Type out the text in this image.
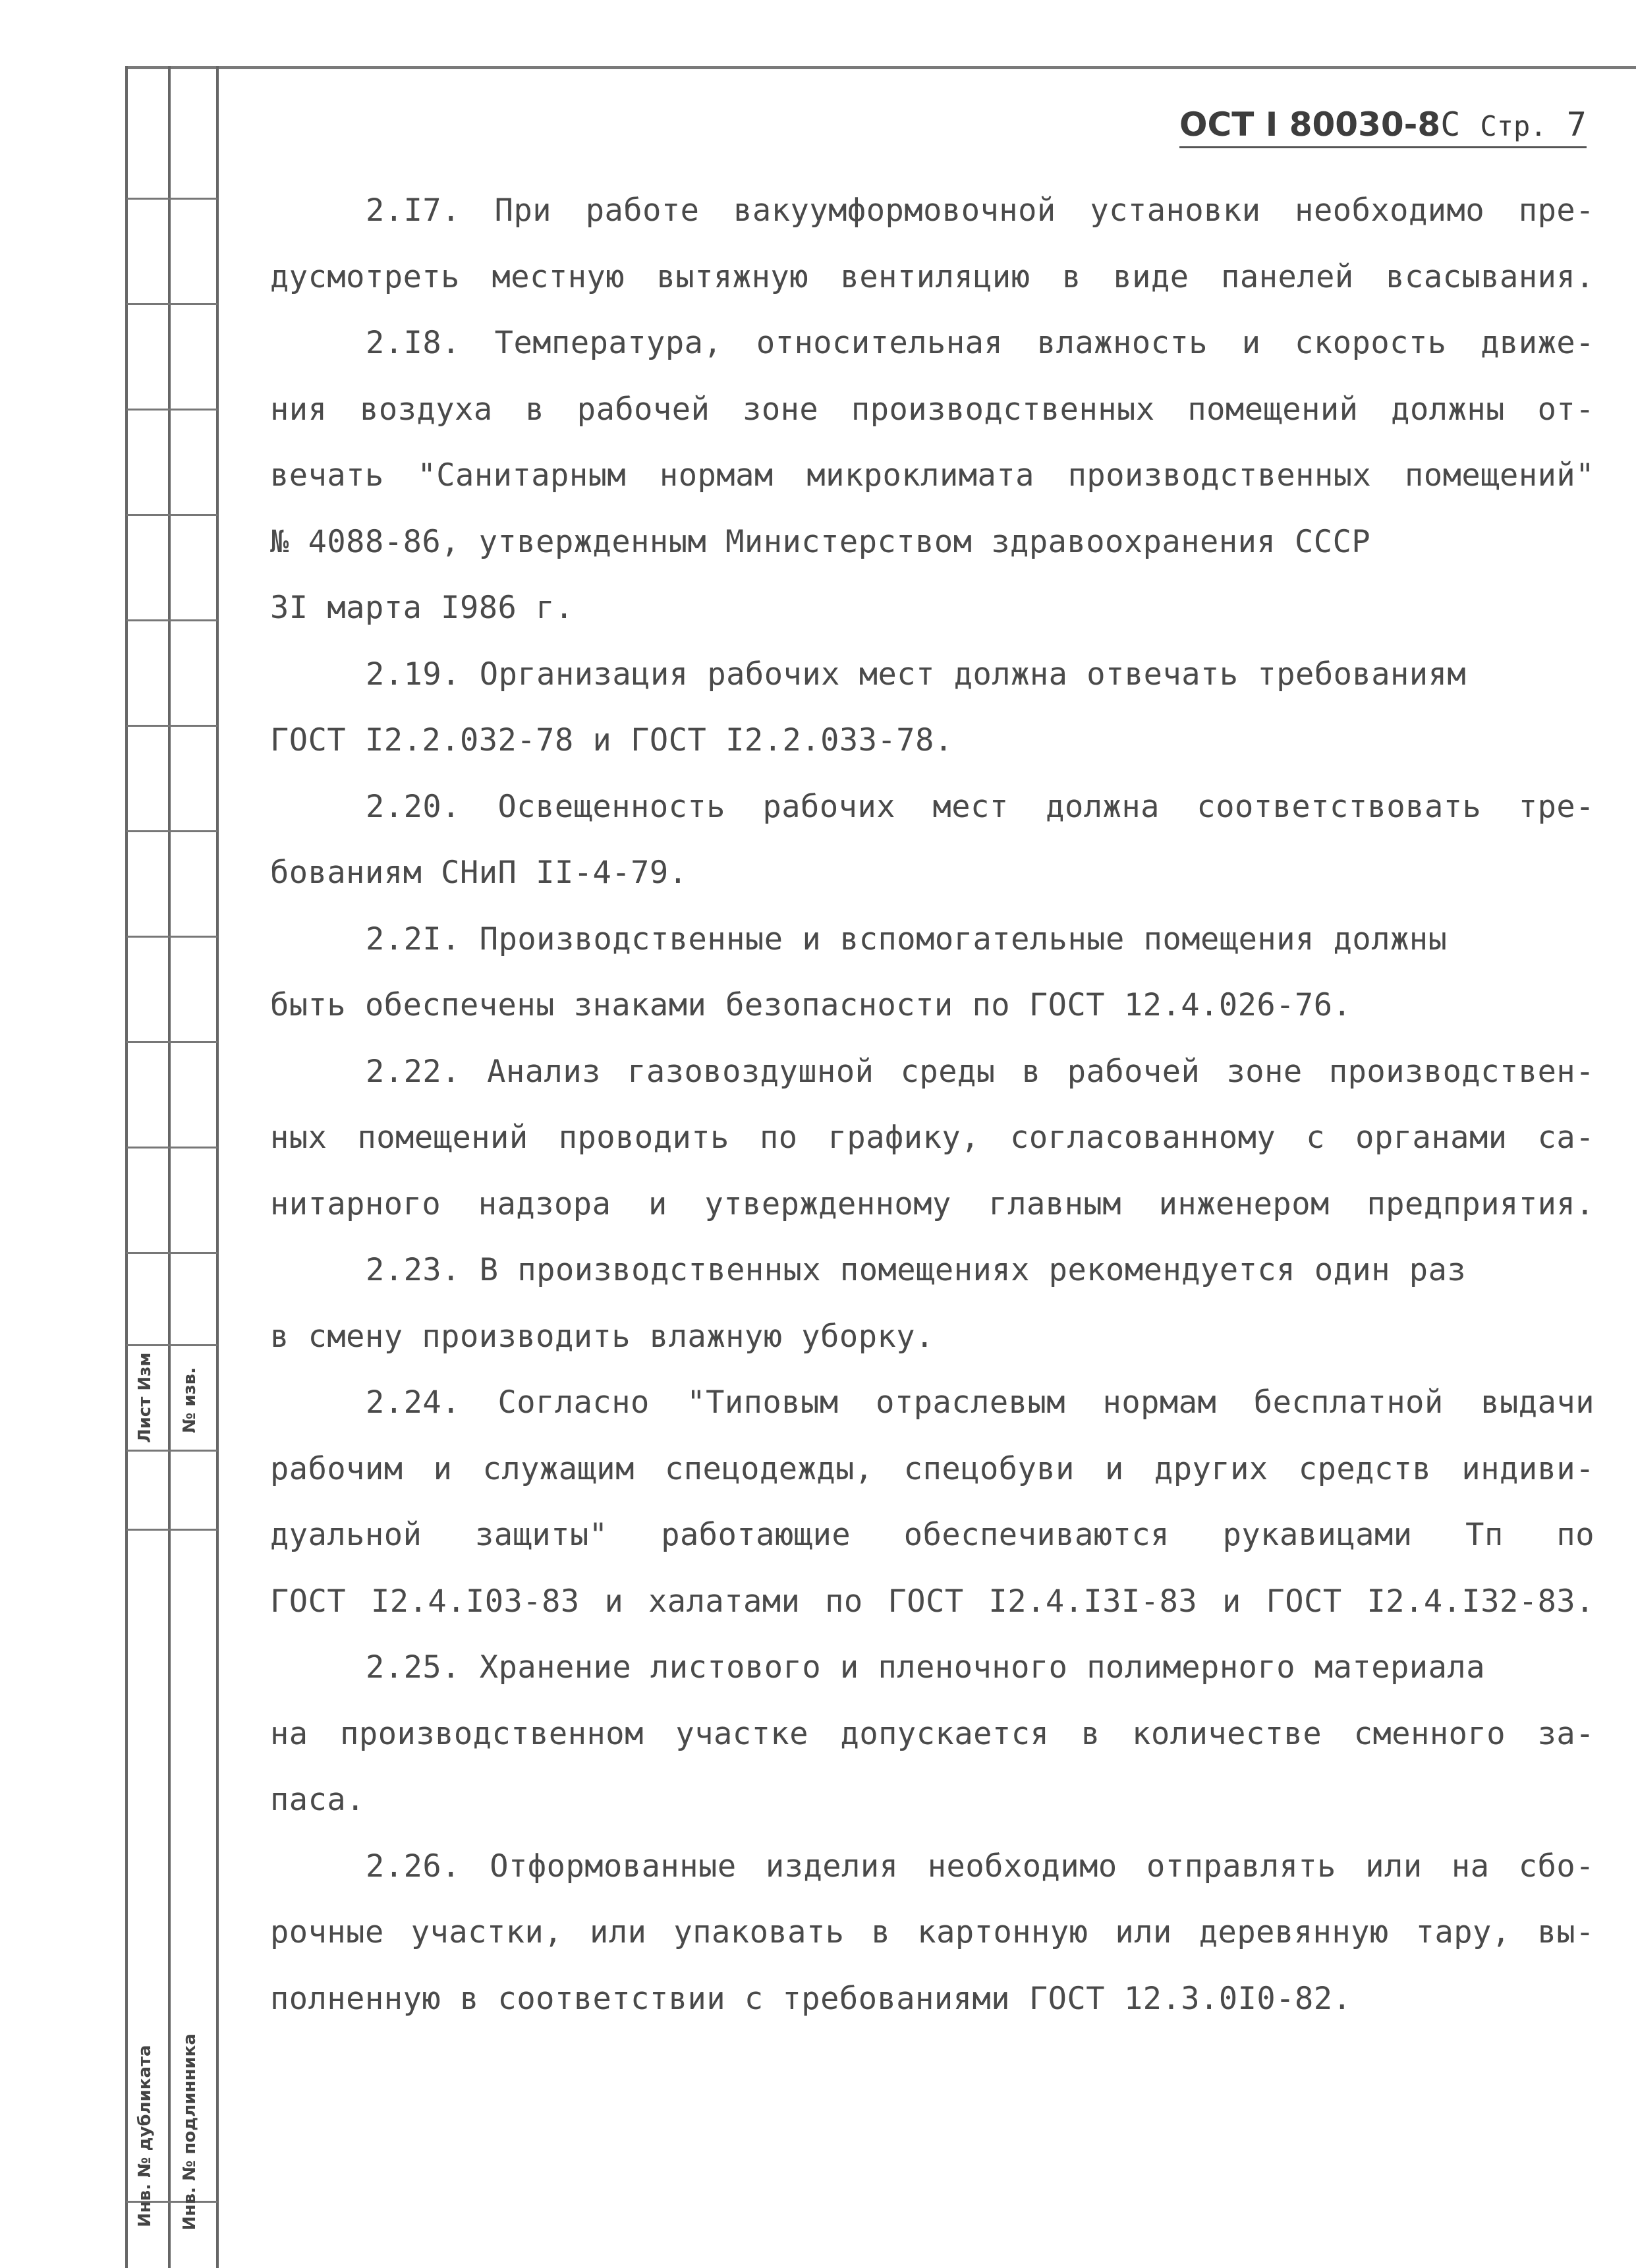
Лист Изм № изв.
Инв. № дубликата Инв. № подлинника
ОСТ I 80030-8С Стр. 7
2.I7. При работе вакуумформовочной установки необходимо пре-
дусмотреть местную вытяжную вентиляцию в виде панелей всасывания.
2.I8. Температура, относительная влажность и скорость движе-
ния воздуха в рабочей зоне производственных помещений должны от-
вечать "Санитарным нормам микроклимата производственных помещений"
№ 4088-86, утвержденным Министерством здравоохранения СССР
3I марта I986 г.
2.19. Организация рабочих мест должна отвечать требованиям
ГОСТ I2.2.032-78 и ГОСТ I2.2.033-78.
2.20. Освещенность рабочих мест должна соответствовать тре-
бованиям СНиП II-4-79.
2.2I. Производственные и вспомогательные помещения должны
быть обеспечены знаками безопасности по ГОСТ 12.4.026-76.
2.22. Анализ газовоздушной среды в рабочей зоне производствен-
ных помещений проводить по графику, согласованному с органами са-
нитарного надзора и утвержденному главным инженером предприятия.
2.23. В производственных помещениях рекомендуется один раз
в смену производить влажную уборку.
2.24. Согласно "Типовым отраслевым нормам бесплатной выдачи
рабочим и служащим спецодежды, спецобуви и других средств индиви-
дуальной защиты" работающие обеспечиваются рукавицами Тп по
ГОСТ I2.4.I03-83 и халатами по ГОСТ I2.4.I3I-83 и ГОСТ I2.4.I32-83.
2.25. Хранение листового и пленочного полимерного материала
на производственном участке допускается в количестве сменного за-
паса.
2.26. Отформованные изделия необходимо отправлять или на сбо-
рочные участки, или упаковать в картонную или деревянную тару, вы-
полненную в соответствии с требованиями ГОСТ 12.3.0I0-82.
